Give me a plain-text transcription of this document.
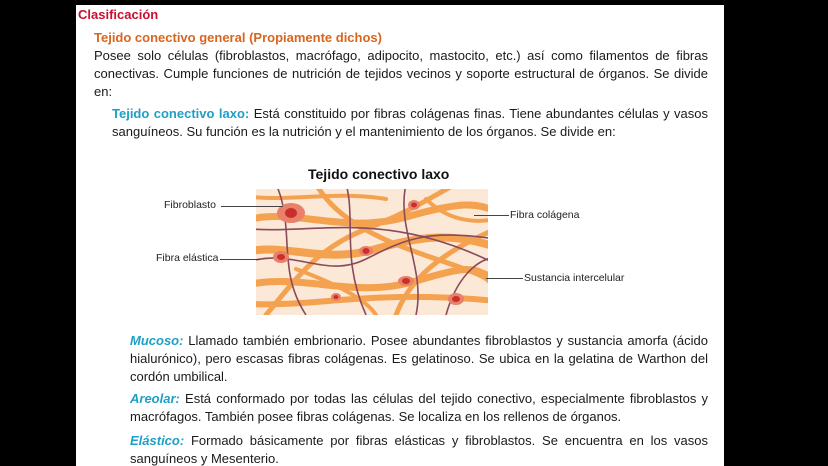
Clasificación
Tejido conectivo general (Propiamente dichos)
Posee solo células (fibroblastos, macrófago, adipocito, mastocito, etc.) así como filamentos de fibras conectivas. Cumple funciones de nutrición de tejidos vecinos y soporte estructural de órganos. Se divide en:
Tejido conectivo laxo: Está constituido por fibras colágenas finas. Tiene abundantes células y vasos sanguíneos. Su función es la nutrición y el mantenimiento de los órganos. Se divide en:
Tejido conectivo laxo
Fibroblasto
Fibra elástica
Fibra colágena
Sustancia intercelular
Mucoso: Llamado también embrionario. Posee abundantes fibroblastos y sustancia amorfa (ácido hialurónico), pero escasas fibras colágenas. Es gelatinoso. Se ubica en la gelatina de Warthon del cordón umbilical.
Areolar: Está conformado por todas las células del tejido conectivo, especialmente fibroblastos y macrófagos. También posee fibras colágenas. Se localiza en los rellenos de órganos.
Elástico: Formado básicamente por fibras elásticas y fibroblastos. Se encuentra en los vasos sanguíneos y Mesenterio.
